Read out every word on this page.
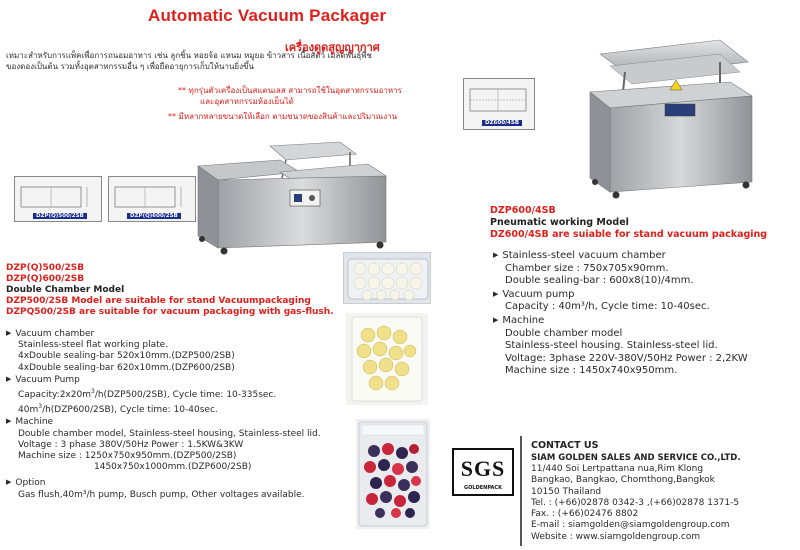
Automatic Vacuum Packager
เครื่องดูดสูญญากาศ
เหมาะสำหรับการแพ็คเพื่อการถนอมอาหาร เช่น ลูกชิ้น หอยจ้อ แหนม หมูยอ ข้าวสาร เนื้อสัตว์ เมล็ดพันธุ์พืช
ของดองเป็นต้น รวมทั้งอุตสาหกรรมอื่น ๆ เพื่อยืดอายุการเก็บให้นานยิ่งขึ้น
** ทุกรุ่นตัวเครื่องเป็นสแตนเลส สามารถใช้ในอุตสาหกรรมอาหาร
และอุตสาหกรรมห้องเย็นได้
** มีหลากหลายขนาดให้เลือก ตามขนาดของสินค้าและปริมาณงาน
DZ600/4SB
DZP(Q)500/2SB	DZP(Q)600/2SB	DZP600/4SB
Pneumatic working Model
DZ600/4SB are suiable for stand vacuum packaging
▶ Stainless-steel vacuum chamber
Chamber size : 750x705x90mm.
Double sealing-bar : 600x8(10)/4mm.
▶ Vacuum pump
Capacity : 40m³/h, Cycle time: 10-40sec.
▶ Machine
Double chamber model
Stainless-steel housing. Stainless-steel lid.
Voltage: 3phase 220V-380V/50Hz Power : 2,2KW
Machine size : 1450x740x950mm.
DZP(Q)500/2SB
DZP(Q)600/2SB
Double Chamber Model
DZP500/2SB Model are suitable for stand Vacuumpackaging
DZPQ500/2SB are suitable for vacuum packaging with gas-flush.
▶ Vacuum chamber
Stainless-steel flat working plate.
4xDouble sealing-bar 520x10mm.(DZP500/2SB)
4xDouble sealing-bar 620x10mm.(DZP600/2SB)
▶ Vacuum Pump
$Capacity:2x20m^3/h(DZP500/2SB)$, Cycle time: 10-335sec.
$40m^3/h(DZP600/2SB)$, Cycle time: 10-40sec.
▶ Machine
Double chamber model, Stainless-steel housing, Stainless-steel lid.
Voltage : 3 phase 380V/50Hz Power : 1.5KW&3KW
Machine size : 1250x750x950mm.(DZP500/2SB)
1450x750x1000mm.(DZP600/2SB)
▶ Option
Gas flush,40m³/h pump, Busch pump, Other voltages available.
SGS
GOLDENPACK
CONTACT US
SIAM GOLDEN SALES AND SERVICE CO.,LTD.
11/440 Soi Lertpattana nua,Rim Klong
Bangkao, Bangkao, Chomthong,Bangkok
10150 Thailand
Tel. : (+66)02878 0342-3 ,(+66)02878 1371-5
Fax. : (+66)02476 8802
E-mail : siamgolden@siamgoldengroup.com
Website : www.siamgoldengroup.com
